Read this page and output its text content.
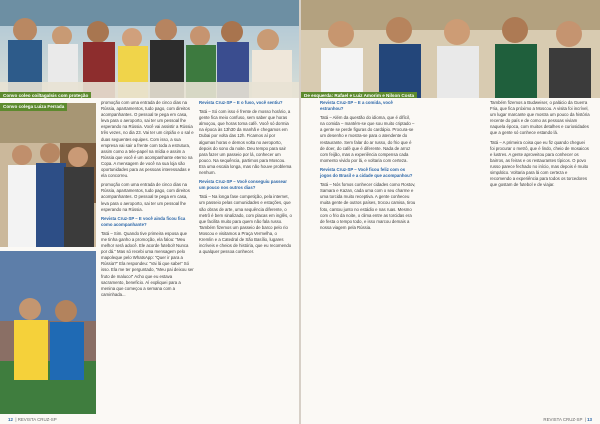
Convo coleo coiltagalsis com proteção
Convo colega Luiza Ferrada

promoção com uma entrada de cinco dias na Rússia, apartamentos, tudo pago, com direitos acompanhantes. O pessoal te pega em casa, leva para o aeroporto, sai ter um pessoal lhe esperando na Rússia. Você vai assistir a Rússia três vezes, no dia 23. Vai ter um cirpião e o sal e duas seguentes equipes. Com isso, a sua empresa vai sair a frente com toda a estrutura, assim como a tele-papel na mídia e assim a Rússia que você é um acompanhante eterno na Copa. A mensagem de você na sua loja são oportunidades para as pessoas interessadas e ela concorreu.

promoção com uma entrada de cinco dias na Rússia, apartamentos, tudo pago, com direitos acompanhantes. O pessoal te pega em casa, leva para o aeroporto, sai ter um pessoal lhe esperando na Rússia.

Revista Cruz-SP – E você ainda ficou fica como acompanhante?

Tatá – Sim. Quando tive primeira esposa que me tinha ganho a promoção, ela falou: “Meu melhor será adocê. Ele acorde futebol! Nunca por dá.” Mas só recebi uma mensagem pelo mapoleque pelo WhatsApp: “Quer ir para a Rússia?” Ela respondeu: “Vai lá que sabe!” Só isso. Ela me ter perguntado, “Meu pai deixou ser fruto de maluco!” Acho que eu estava sacramento, beneficio. Aí expliquei para a menina que começou a semana com a caminhada...

Revista Cruz-SP – E o fuso, você sentiu?

Tatá – Só com isso é frente de mosso horário, a gente fica meio confuso, sem saber que horas almoçou, que horas toma café. Você só dormia na época às 13h30 da manhã e chegamos em Dubai por volta das 12h. Ficamos aí por algumas horas e demos volta no aeroporto, depois do sono da noite. Deu tempo para sair para fazer um passeio por lá, conhecer um pouco. Na sequência, partimos para Moscou. Era uma escala longa, mas não houve problema nenhum.

Revista Cruz-SP – Você conseguiu passear um pouco nos outros dias?

Tatá – Na longa fase competição, pela internet, um passeio pelas comunidades e estações, que são obras de arte, uma sequência diferente, o metrô é bem sinalizado, com placas em inglês, o que facilita muito para quem não fala russo. Também fizemos um passeio de barco pelo rio Moscou e visitamos a Praça Vermelha, o Kremlin e a Catedral de São Basílio, lugares incríveis e cheios de história, que eu recomendo a qualquer pessoa conhecer.

12  | REVISTA CRUZ-SP
De esquerda: Rafael e Luiz Amorim e Nilson Costa

Revista Cruz-SP – E a comida, você estranhou?

Tatá – Além da questão do idioma, que é difícil, na comida – mantém-se que sou muito criptado – a gente se perde figuras do cardápio. Procura-se um desenho e mostra-se para o atendente do restaurante. Sem falar do ar russo, do frio que é de doer, do café que é diferente. Nada de arroz com feijão, mas a experiência compensa cada momento vivido por lá, e voltaria com certeza.

Revista Cruz-SP – Você ficou feliz com os jogos do Brasil e a cidade que acompanhou?

Tatá – Nós fomos conhecer cidades como Rostov, Samara e Kazan, cada uma com o seu charme e uma torcida muito receptiva. A gente conheceu muita gente de outros países, trocou camisa, tirou foto, cantou junto no estádio e nas ruas. Mesmo com o frio da noite, o clima entre as torcidas era de festa o tempo todo, e isso marcou demais a nossa viagem pela Rússia.

Também fizemos a Budweiser, o palácio da Guerra Fria, que fica próximo a Moscou. A visita foi incrível, um lugar marcante que mostra um pouco da história recente do país e de como as pessoas viviam naquela época, com muitos detalhes e curiosidades que a gente só conhece estando lá.

Tatá – A primeira coisa que eu fiz quando cheguei foi procurar o metrô, que é lindo, cheio de mosaicos e lustres. A gente aproveitou para conhecer os bairros, as feiras e os restaurantes típicos. O povo russo parece fechado no início, mas depois é muito simpático. Voltaria para lá com certeza e recomendo a experiência para todos os torcedores que gostam de futebol e de viajar.

REVISTA CRUZ-SP  | 13
